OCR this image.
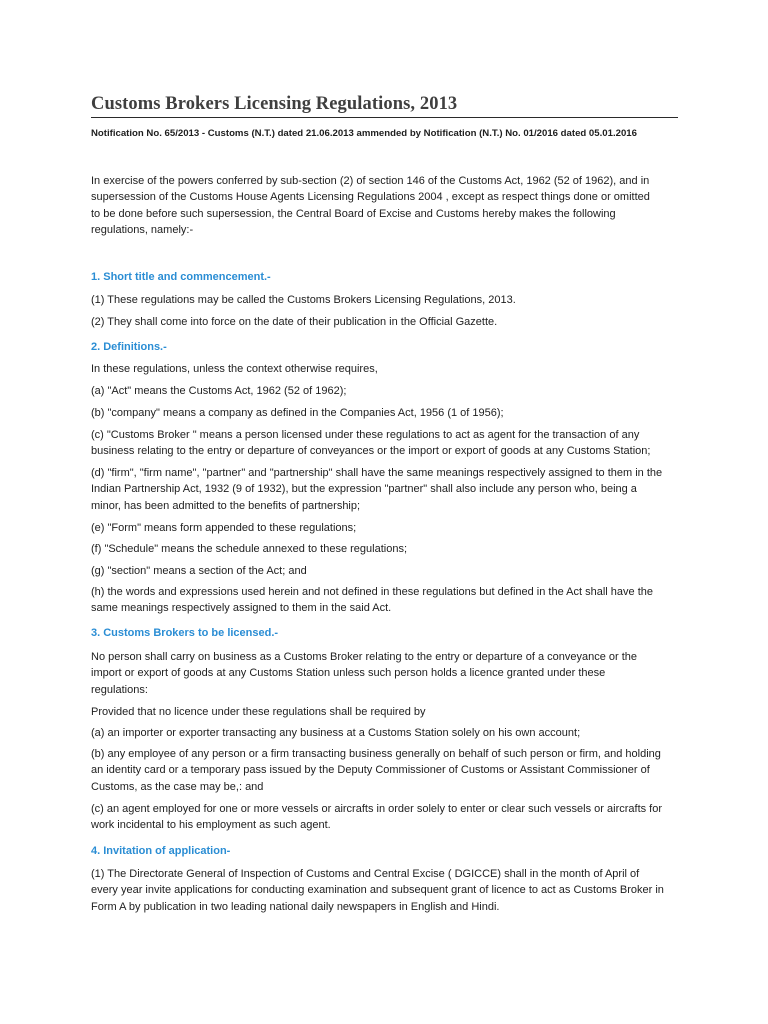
Customs Brokers Licensing Regulations, 2013
Notification No. 65/2013 - Customs (N.T.) dated 21.06.2013 ammended by Notification (N.T.) No. 01/2016 dated 05.01.2016

In exercise of the powers conferred by sub-section (2) of section 146 of the Customs Act, 1962 (52 of 1962), and in
supersession of the Customs House Agents Licensing Regulations 2004 , except as respect things done or omitted
to be done before such supersession, the Central Board of Excise and Customs hereby makes the following
regulations, namely:-

1. Short title and commencement.-

(1) These regulations may be called the Customs Brokers Licensing Regulations, 2013.

(2) They shall come into force on the date of their publication in the Official Gazette.

2. Definitions.-

In these regulations, unless the context otherwise requires,

(a) "Act" means the Customs Act, 1962 (52 of 1962);

(b) "company" means a company as defined in the Companies Act, 1956 (1 of 1956);

(c) "Customs Broker " means a person licensed under these regulations to act as agent for the transaction of any
business relating to the entry or departure of conveyances or the import or export of goods at any Customs Station;

(d) "firm", "firm name", "partner" and "partnership" shall have the same meanings respectively assigned to them in the
Indian Partnership Act, 1932 (9 of 1932), but the expression "partner" shall also include any person who, being a
minor, has been admitted to the benefits of partnership;

(e) "Form" means form appended to these regulations;

(f) "Schedule" means the schedule annexed to these regulations;

(g) "section" means a section of the Act; and

(h) the words and expressions used herein and not defined in these regulations but defined in the Act shall have the
same meanings respectively assigned to them in the said Act.

3. Customs Brokers to be licensed.-

No person shall carry on business as a Customs Broker relating to the entry or departure of a conveyance or the
import or export of goods at any Customs Station unless such person holds a licence granted under these
regulations:

Provided that no licence under these regulations shall be required by

(a) an importer or exporter transacting any business at a Customs Station solely on his own account;

(b) any employee of any person or a firm transacting business generally on behalf of such person or firm, and holding
an identity card or a temporary pass issued by the Deputy Commissioner of Customs or Assistant Commissioner of
Customs, as the case may be,: and

(c) an agent employed for one or more vessels or aircrafts in order solely to enter or clear such vessels or aircrafts for
work incidental to his employment as such agent.

4. Invitation of application-

(1) The Directorate General of Inspection of Customs and Central Excise ( DGICCE) shall in the month of April of
every year invite applications for conducting examination and subsequent grant of licence to act as Customs Broker in
Form A by publication in two leading national daily newspapers in English and Hindi.
